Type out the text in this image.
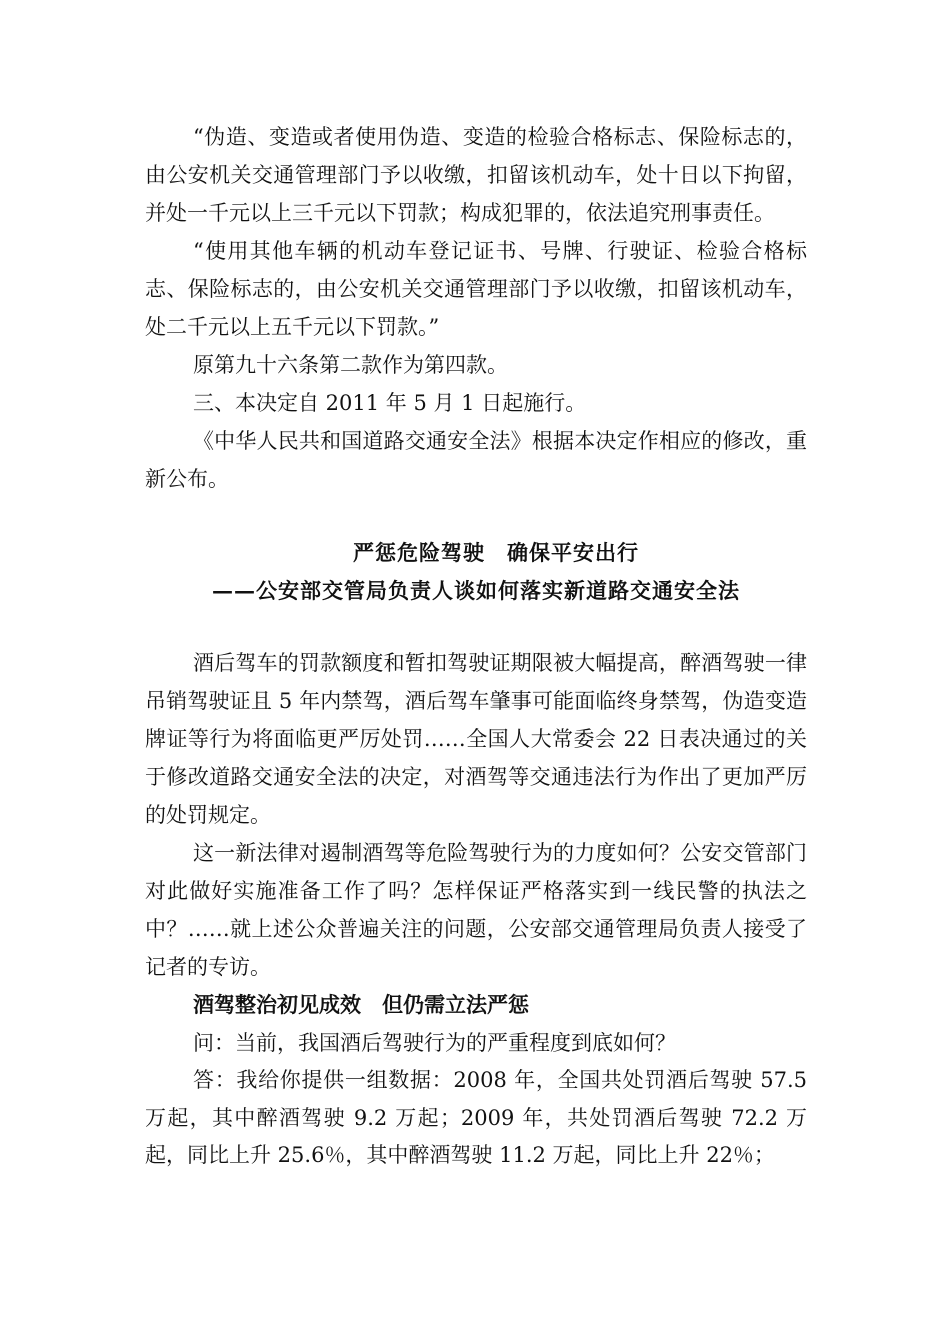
“伪造、变造或者使用伪造、变造的检验合格标志、保险标志的，由公安机关交通管理部门予以收缴，扣留该机动车，处十日以下拘留，并处一千元以上三千元以下罚款；构成犯罪的，依法追究刑事责任。

“使用其他车辆的机动车登记证书、号牌、行驶证、检验合格标志、保险标志的，由公安机关交通管理部门予以收缴，扣留该机动车，处二千元以上五千元以下罚款。”

原第九十六条第二款作为第四款。

三、本决定自 2011 年 5 月 1 日起施行。

《中华人民共和国道路交通安全法》根据本决定作相应的修改，重新公布。

严惩危险驾驶　确保平安出行

——公安部交管局负责人谈如何落实新道路交通安全法

酒后驾车的罚款额度和暂扣驾驶证期限被大幅提高，醉酒驾驶一律吊销驾驶证且 5 年内禁驾，酒后驾车肇事可能面临终身禁驾，伪造变造牌证等行为将面临更严厉处罚……全国人大常委会 22 日表决通过的关于修改道路交通安全法的决定，对酒驾等交通违法行为作出了更加严厉的处罚规定。

这一新法律对遏制酒驾等危险驾驶行为的力度如何？公安交管部门对此做好实施准备工作了吗？怎样保证严格落实到一线民警的执法之中？……就上述公众普遍关注的问题，公安部交通管理局负责人接受了记者的专访。

酒驾整治初见成效　但仍需立法严惩

问：当前，我国酒后驾驶行为的严重程度到底如何？

答：我给你提供一组数据：2008 年，全国共处罚酒后驾驶 57.5 万起，其中醉酒驾驶 9.2 万起；2009 年，共处罚酒后驾驶 72.2 万起，同比上升 25.6％，其中醉酒驾驶 11.2 万起，同比上升 22％；
